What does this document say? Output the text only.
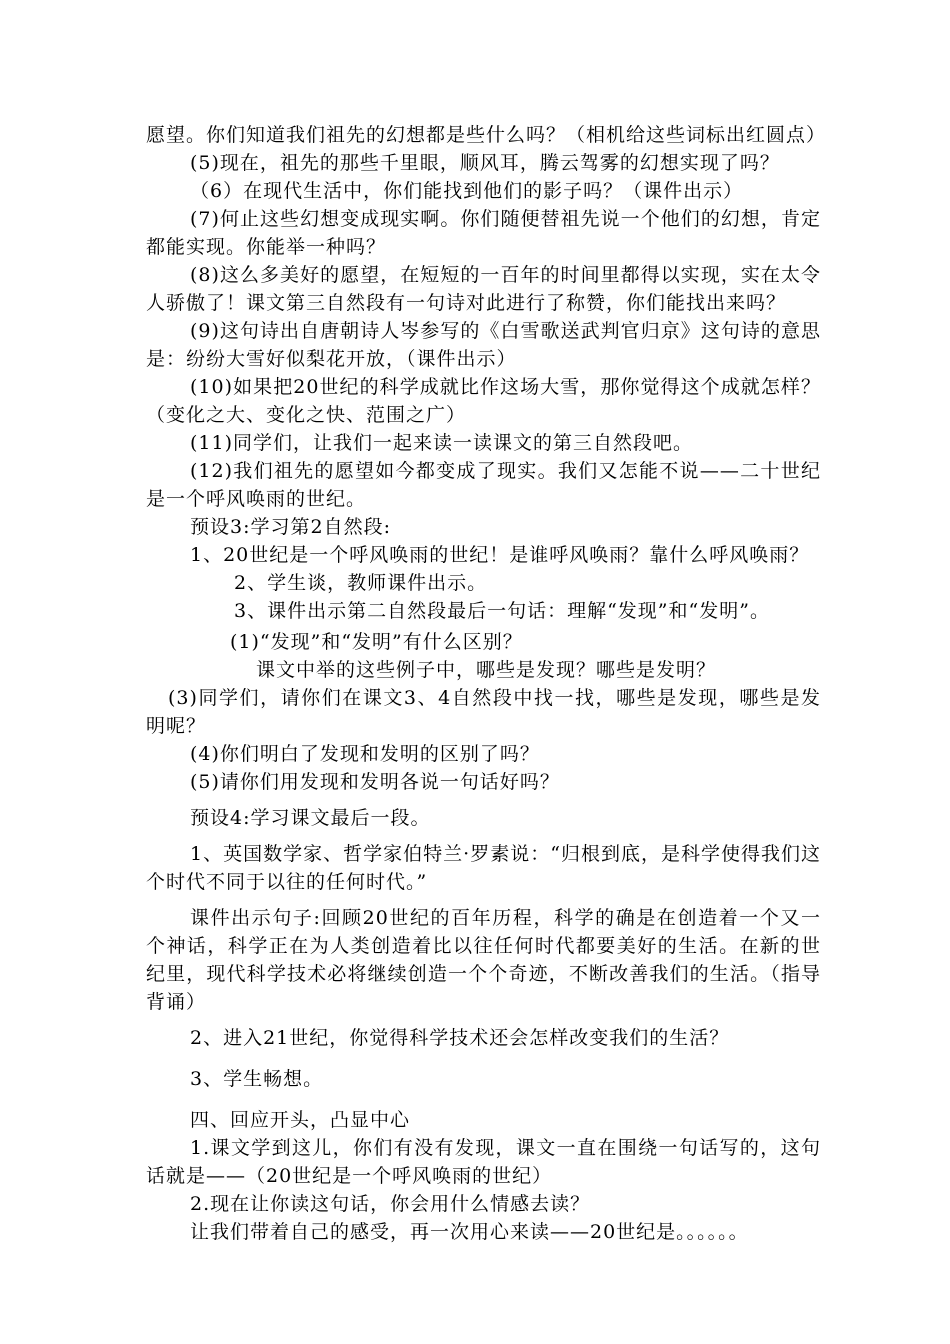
愿望。你们知道我们祖先的幻想都是些什么吗？（相机给这些词标出红圆点）

(5)现在，祖先的那些千里眼，顺风耳，腾云驾雾的幻想实现了吗？

（6）在现代生活中，你们能找到他们的影子吗？（课件出示）

(7)何止这些幻想变成现实啊。你们随便替祖先说一个他们的幻想，肯定都能实现。你能举一种吗？

(8)这么多美好的愿望，在短短的一百年的时间里都得以实现，实在太令人骄傲了！课文第三自然段有一句诗对此进行了称赞，你们能找出来吗？

(9)这句诗出自唐朝诗人岑参写的《白雪歌送武判官归京》这句诗的意思是：纷纷大雪好似梨花开放，（课件出示）

(10)如果把20世纪的科学成就比作这场大雪，那你觉得这个成就怎样？（变化之大、变化之快、范围之广）

(11)同学们，让我们一起来读一读课文的第三自然段吧。

(12)我们祖先的愿望如今都变成了现实。我们又怎能不说——二十世纪是一个呼风唤雨的世纪。

预设3:学习第2自然段:

1、20世纪是一个呼风唤雨的世纪！是谁呼风唤雨？靠什么呼风唤雨？

2、学生谈，教师课件出示。

3、课件出示第二自然段最后一句话：理解“发现”和“发明”。

(1)“发现”和“发明”有什么区别？

课文中举的这些例子中，哪些是发现？哪些是发明？

(3)同学们，请你们在课文3、4自然段中找一找，哪些是发现，哪些是发明呢？

(4)你们明白了发现和发明的区别了吗？

(5)请你们用发现和发明各说一句话好吗？

预设4:学习课文最后一段。

1、英国数学家、哲学家伯特兰·罗素说：“归根到底，是科学使得我们这个时代不同于以往的任何时代。”

课件出示句子:回顾20世纪的百年历程，科学的确是在创造着一个又一个神话，科学正在为人类创造着比以往任何时代都要美好的生活。在新的世纪里，现代科学技术必将继续创造一个个奇迹，不断改善我们的生活。（指导背诵）

2、进入21世纪，你觉得科学技术还会怎样改变我们的生活？

3、学生畅想。

四、回应开头，凸显中心

1.课文学到这儿，你们有没有发现，课文一直在围绕一句话写的，这句话就是——（20世纪是一个呼风唤雨的世纪）

2.现在让你读这句话，你会用什么情感去读？

让我们带着自己的感受，再一次用心来读——20世纪是。。。。。。
